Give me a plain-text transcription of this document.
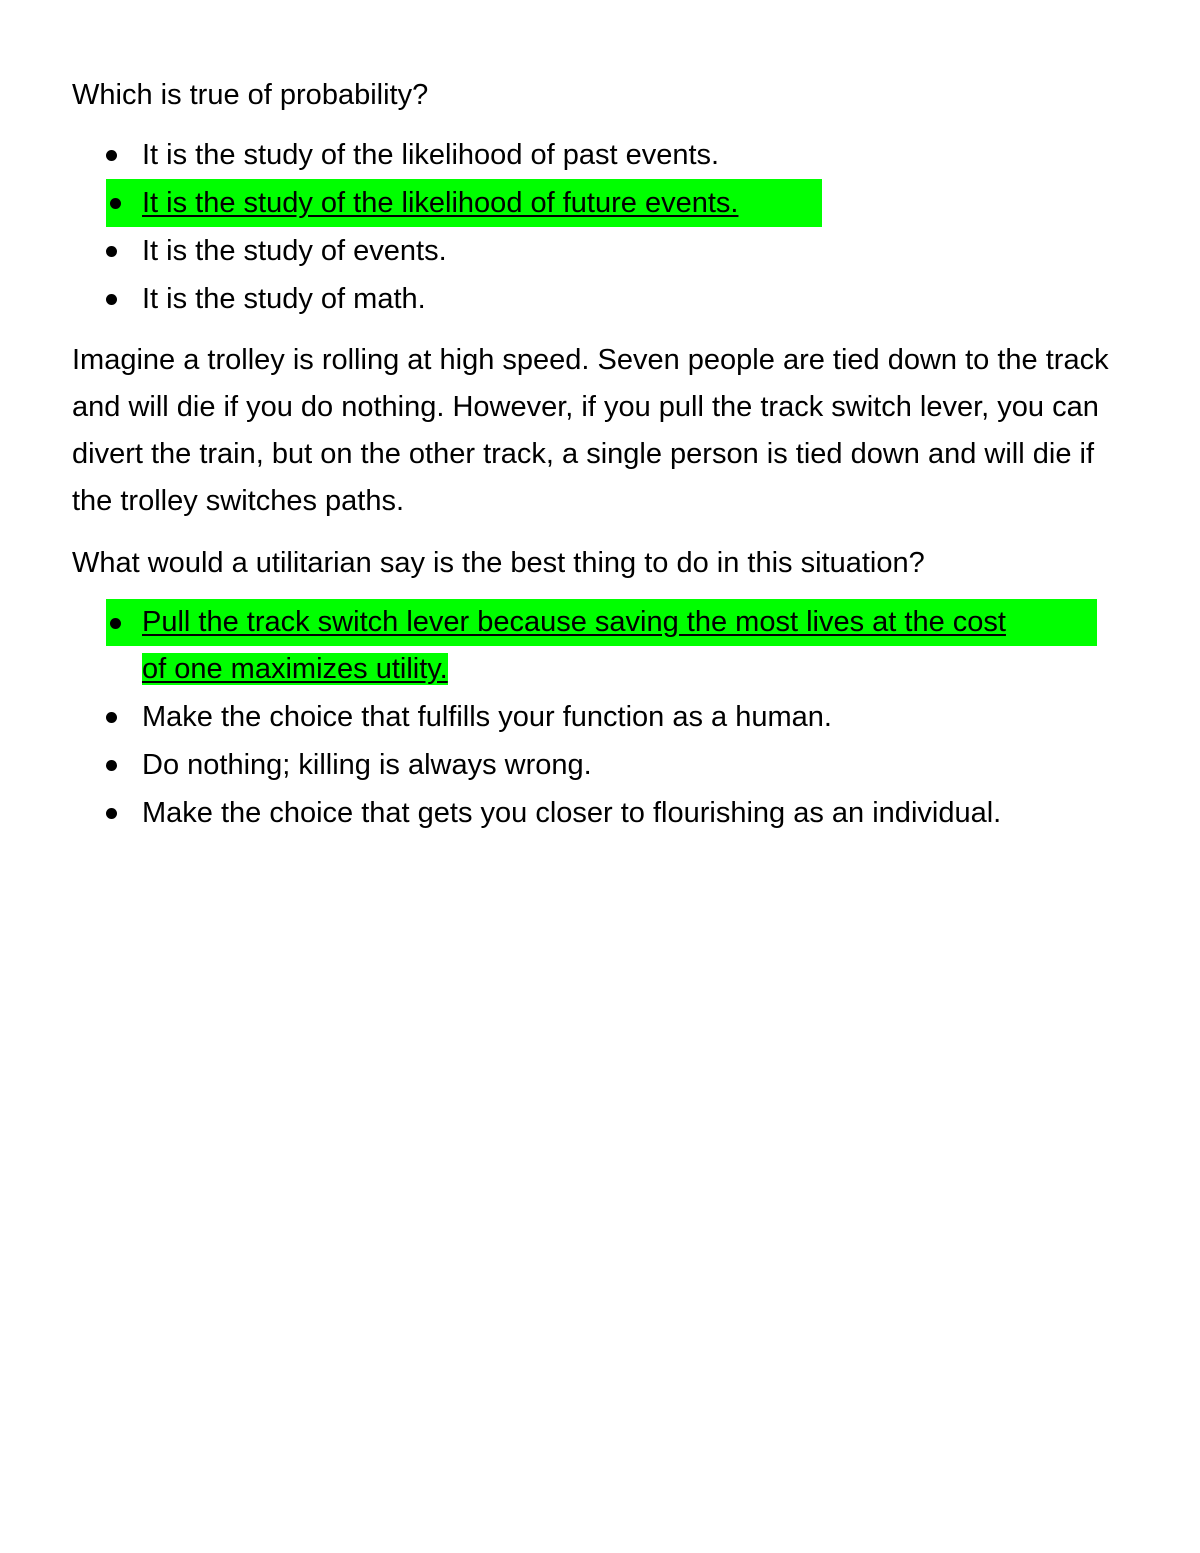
Which is true of probability?

It is the study of the likelihood of past events.
It is the study of the likelihood of future events.
It is the study of events.
It is the study of math.

Imagine a trolley is rolling at high speed. Seven people are tied down to the track and will die if you do nothing. However, if you pull the track switch lever, you can divert the train, but on the other track, a single person is tied down and will die if the trolley switches paths.

What would a utilitarian say is the best thing to do in this situation?

Pull the track switch lever because saving the most lives at the cost
of one maximizes utility.
Make the choice that fulfills your function as a human.
Do nothing; killing is always wrong.
Make the choice that gets you closer to flourishing as an individual.
